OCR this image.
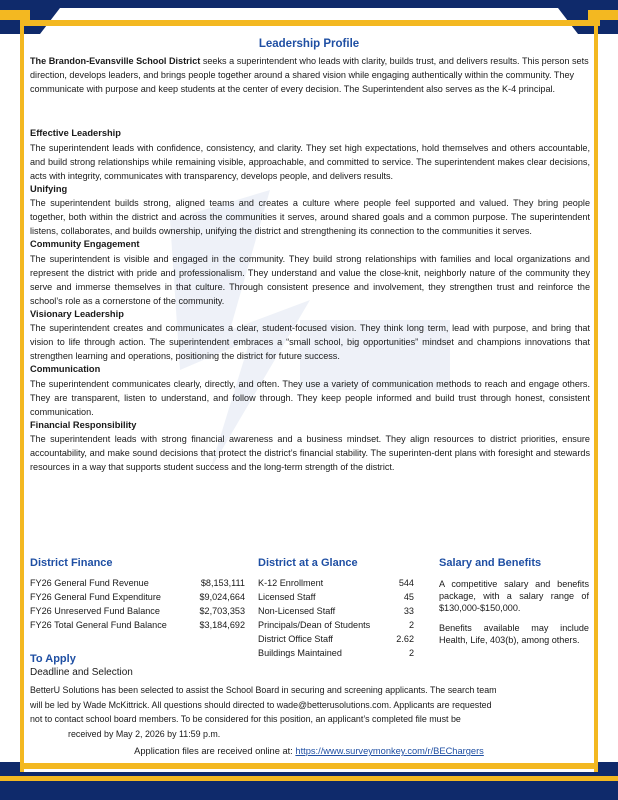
Leadership Profile
The Brandon-Evansville School District seeks a superintendent who leads with clarity, builds trust, and delivers results. This person sets direction, develops leaders, and brings people together around a shared vision while engaging authentically within the community. They communicate with purpose and keep students at the center of every decision. The Superintendent also serves as the K-4 principal.
Effective Leadership

The superintendent leads with confidence, consistency, and clarity. They set high expectations, hold themselves and others accountable, and build strong relationships while remaining visible, approachable, and committed to service. The superintendent makes clear decisions, acts with integrity, communicates with transparency, develops people, and delivers results.

Unifying

The superintendent builds strong, aligned teams and creates a culture where people feel supported and valued. They bring people together, both within the district and across the communities it serves, around shared goals and a common purpose. The superintendent listens, collaborates, and builds ownership, unifying the district and strengthening its connection to the communities it serves.

Community Engagement

The superintendent is visible and engaged in the community. They build strong relationships with families and local organizations and represent the district with pride and professionalism. They understand and value the close-knit, neighborly nature of the community they serve and immerse themselves in that culture. Through consistent presence and involvement, they strengthen trust and reinforce the school’s role as a cornerstone of the community.

Visionary Leadership

The superintendent creates and communicates a clear, student-focused vision. They think long term, lead with purpose, and bring that vision to life through action. The superintendent embraces a “small school, big opportunities” mindset and champions innovations that strengthen learning and operations, positioning the district for future success.

Communication

The superintendent communicates clearly, directly, and often. They use a variety of communication methods to reach and engage others. They are transparent, listen to understand, and follow through. They keep people informed and build trust through honest, consistent communication.

Financial Responsibility

The superintendent leads with strong financial awareness and a business mindset. They align resources to district priorities, ensure accountability, and make sound decisions that protect the district’s financial stability. The superinten-dent plans with foresight and stewards resources in a way that supports student success and the long-term strength of the district.

District Finance
FY26 General Fund Revenue	$8,153,111
FY26 General Fund Expenditure	$9,024,664
FY26 Unreserved Fund Balance	$2,703,353
FY26 Total General Fund Balance	$3,184,692
District at a Glance
K-12 Enrollment	544
Licensed Staff	45
Non-Licensed Staff	33
Principals/Dean of Students	2
District Office Staff	2.62
Buildings Maintained	2
Salary and Benefits
A competitive salary and benefits package, with a salary range of $130,000-$150,000.
Benefits available may include Health, Life, 403(b), among others.
To Apply
Deadline and Selection
BetterU Solutions has been selected to assist the School Board in securing and screening applicants. The search team
will be led by Wade McKittrick. All questions should directed to wade@betterusolutions.com. Applicants are requested
not to contact school board members. To be considered for this position, an applicant’s completed file must be
received by May 2, 2026 by 11:59 p.m.
Application files are received online at: https://www.surveymonkey.com/r/BEChargers
